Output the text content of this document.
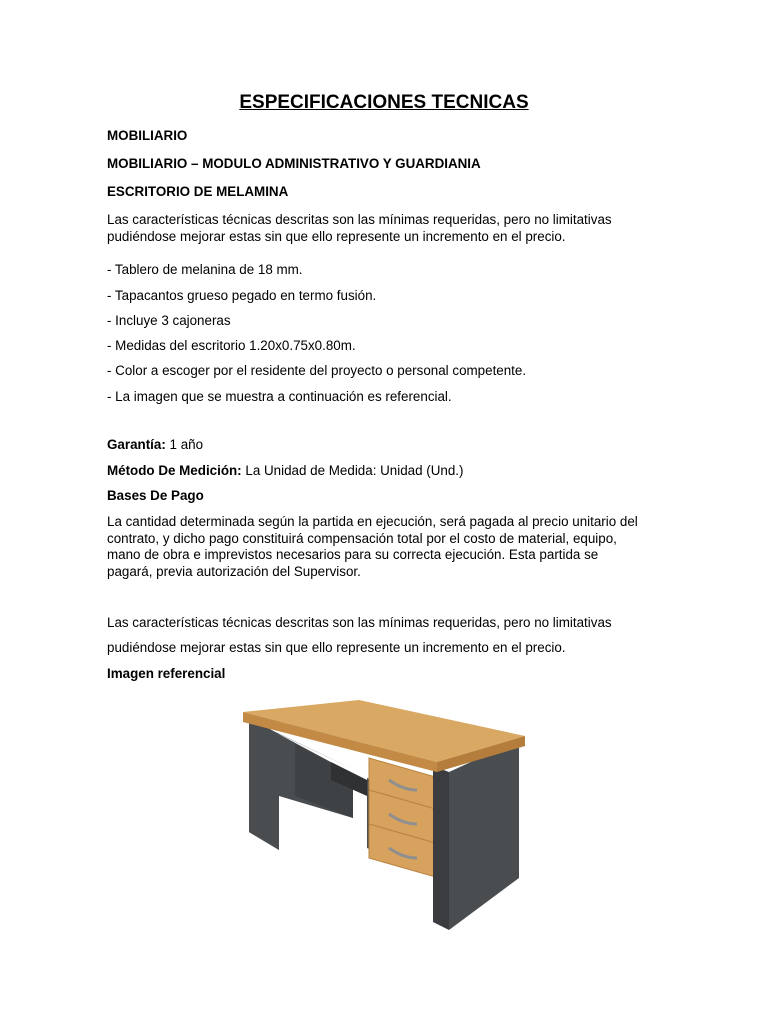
ESPECIFICACIONES TECNICAS
MOBILIARIO
MOBILIARIO – MODULO ADMINISTRATIVO Y GUARDIANIA
ESCRITORIO DE MELAMINA
Las características técnicas descritas son las mínimas requeridas, pero no limitativas
pudiéndose mejorar estas sin que ello represente un incremento en el precio.
- Tablero de melanina de 18 mm.
- Tapacantos grueso pegado en termo fusión.
- Incluye 3 cajoneras
- Medidas del escritorio 1.20x0.75x0.80m.
- Color a escoger por el residente del proyecto o personal competente.
- La imagen que se muestra a continuación es referencial.
Garantía: 1 año
Método De Medición: La Unidad de Medida: Unidad (Und.)
Bases De Pago
La cantidad determinada según la partida en ejecución, será pagada al precio unitario del
contrato, y dicho pago constituirá compensación total por el costo de material, equipo,
mano de obra e imprevistos necesarios para su correcta ejecución. Esta partida se
pagará, previa autorización del Supervisor.
Las características técnicas descritas son las mínimas requeridas, pero no limitativas
pudiéndose mejorar estas sin que ello represente un incremento en el precio.
Imagen referencial
